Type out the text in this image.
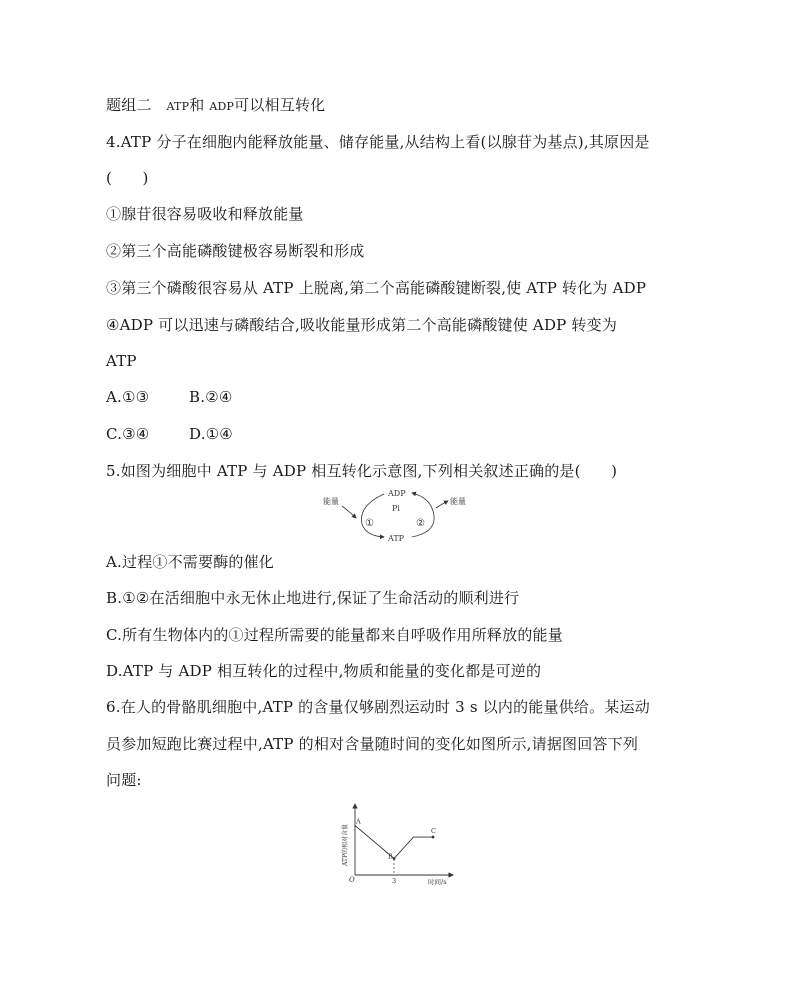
题组二 ATP和 ADP可以相互转化
4.ATP 分子在细胞内能释放能量、储存能量,从结构上看(以腺苷为基点),其原因是
(　　)
①腺苷很容易吸收和释放能量
②第三个高能磷酸键极容易断裂和形成
③第三个磷酸很容易从 ATP 上脱离,第二个高能磷酸键断裂,使 ATP 转化为 ADP
④ADP 可以迅速与磷酸结合,吸收能量形成第二个高能磷酸键使 ADP 转变为
ATP
A.①③	B.②④
C.③④	D.①④
5.如图为细胞中 ATP 与 ADP 相互转化示意图,下列相关叙述正确的是(　　)
能量	能量
ADP
Pi
ATP
①	②
A.过程①不需要酶的催化
B.①②在活细胞中永无休止地进行,保证了生命活动的顺利进行
C.所有生物体内的①过程所需要的能量都来自呼吸作用所释放的能量
D.ATP 与 ADP 相互转化的过程中,物质和能量的变化都是可逆的
6.在人的骨骼肌细胞中,ATP 的含量仅够剧烈运动时 3 s 以内的能量供给。某运动
员参加短跑比赛过程中,ATP 的相对含量随时间的变化如图所示,请据图回答下列
问题:
ATP的相对含量
时间/s
O	3
A
B
C
